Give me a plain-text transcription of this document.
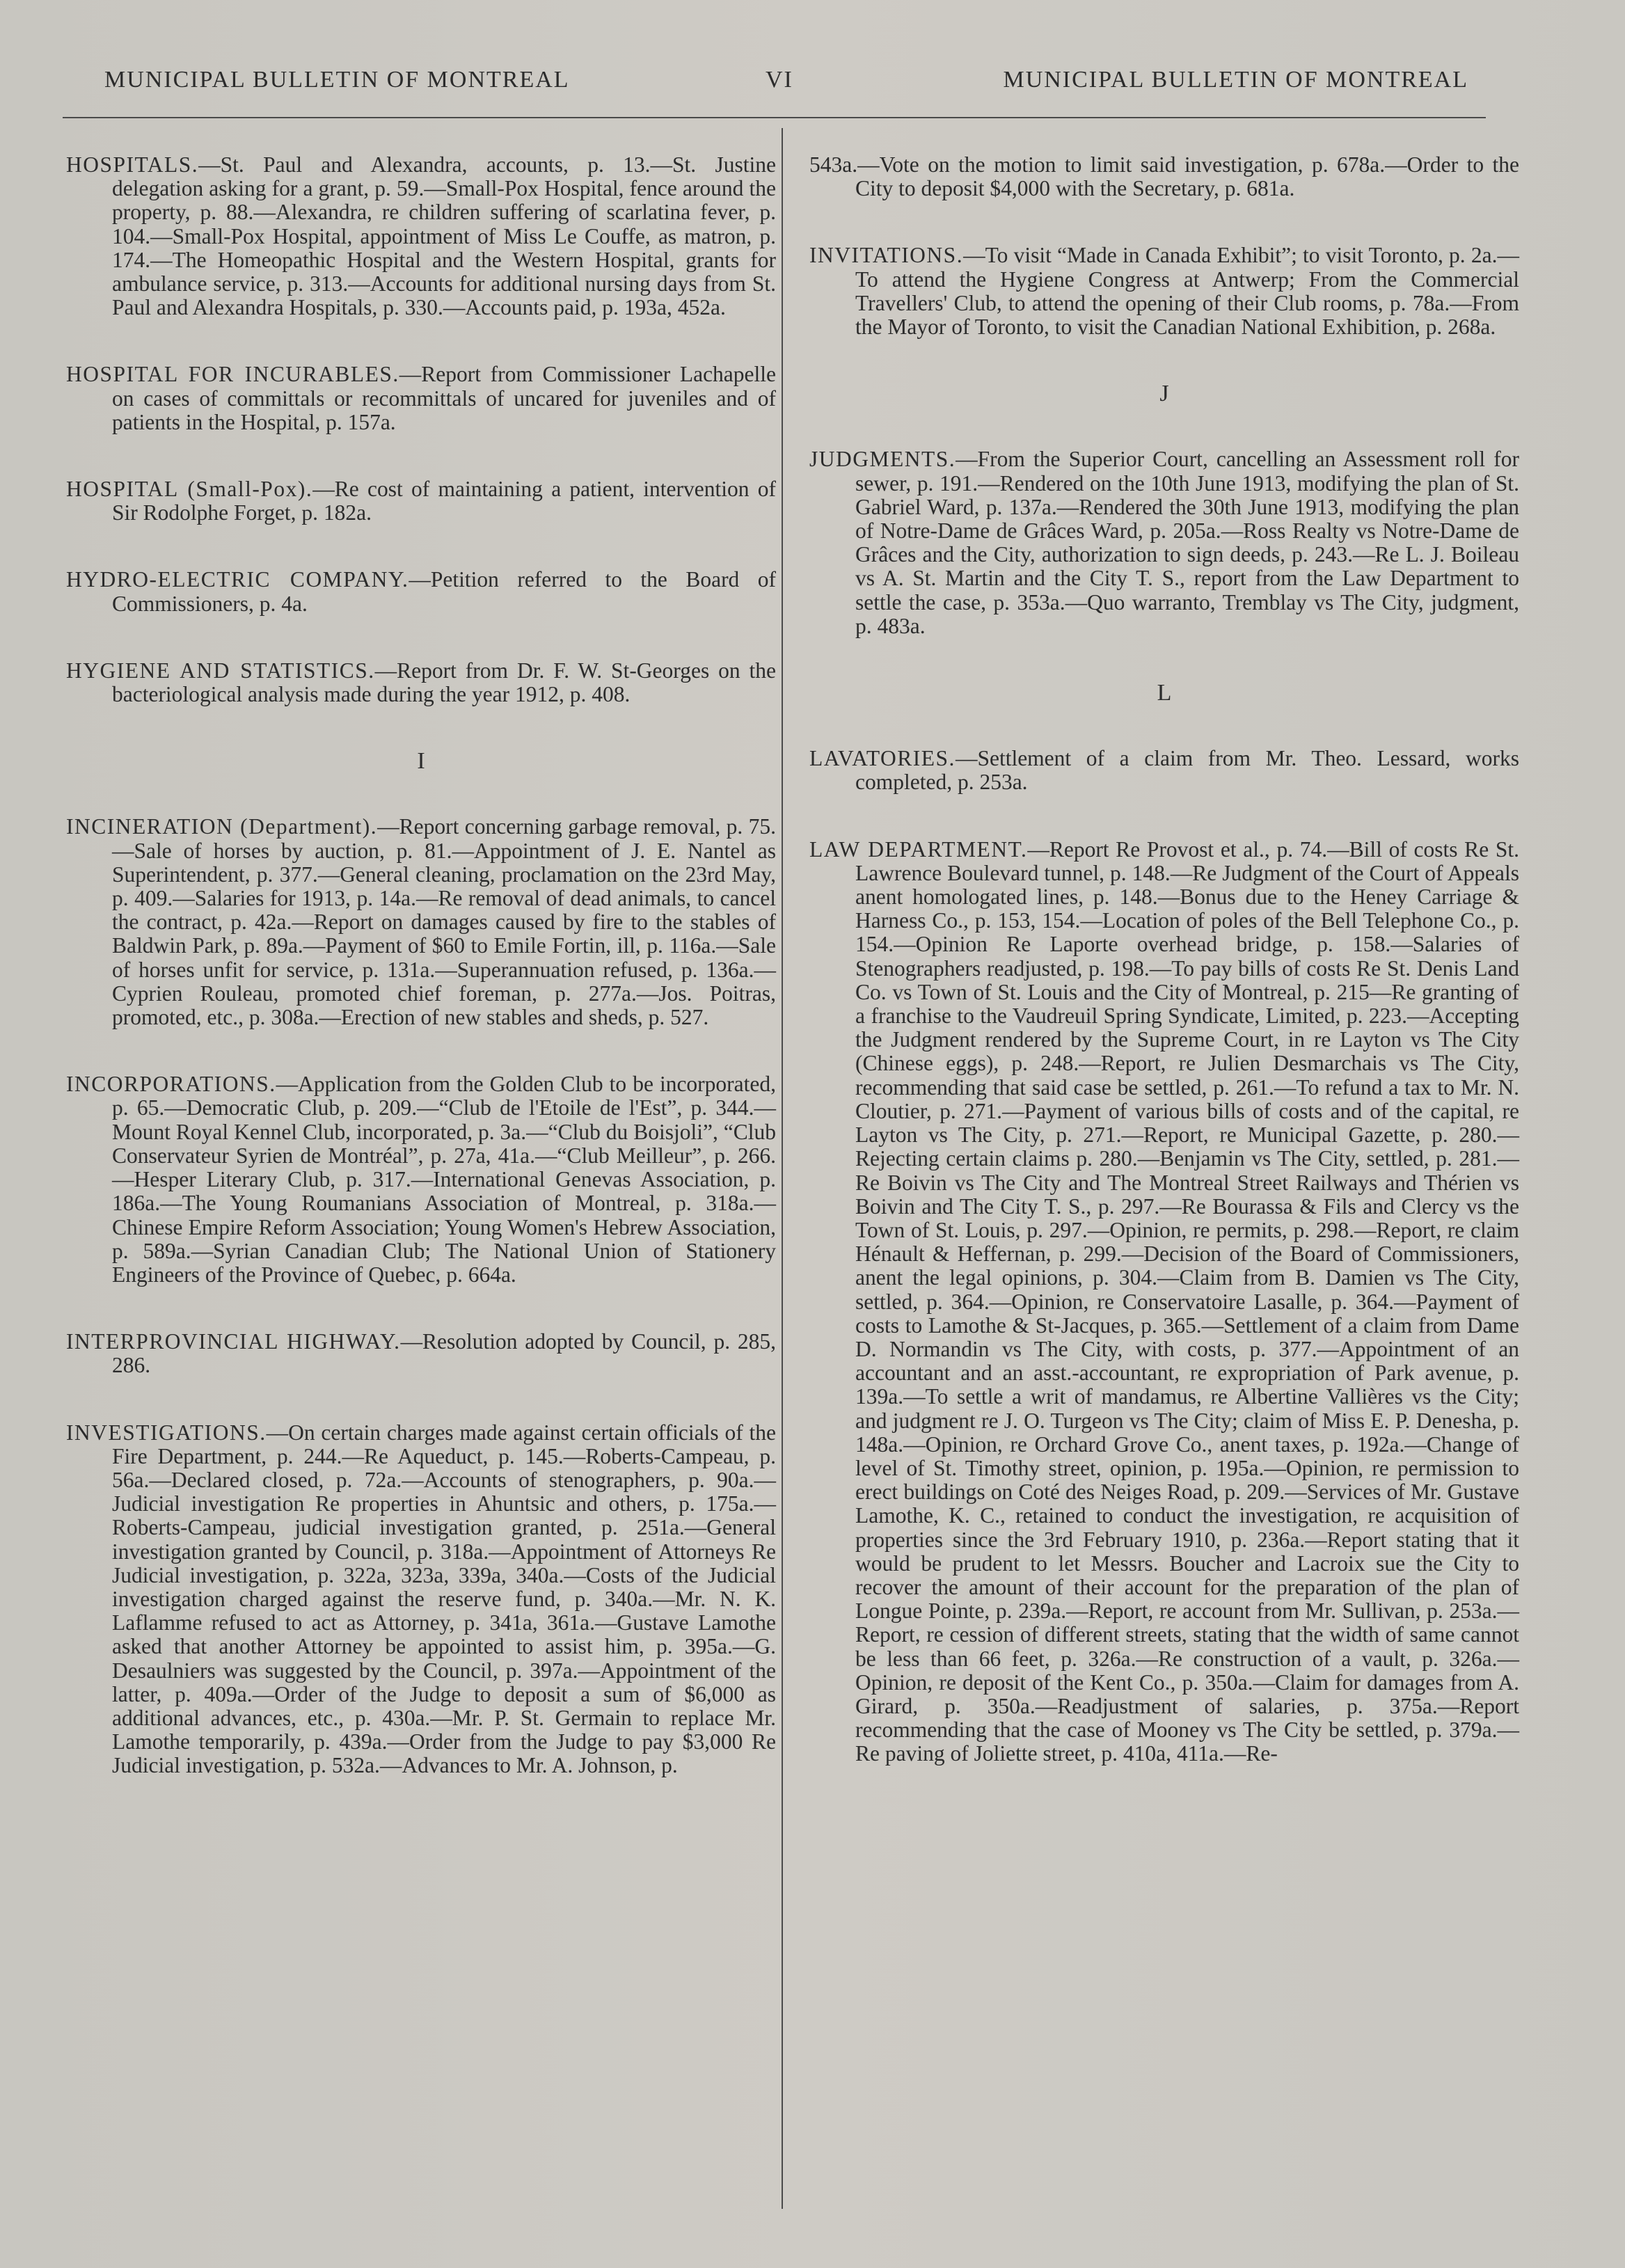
MUNICIPAL BULLETIN OF MONTREAL	VI	MUNICIPAL BULLETIN OF MONTREAL

HOSPITALS.—St. Paul and Alexandra, accounts, p. 13.—St. Justine delegation asking for a grant, p. 59.—Small-Pox Hospital, fence around the property, p. 88.—Alexandra, re children suffering of scarlatina fever, p. 104.—Small-Pox Hospital, appointment of Miss Le Couffe, as matron, p. 174.—The Homeopathic Hospital and the Western Hospital, grants for ambulance service, p. 313.—Accounts for additional nursing days from St. Paul and Alexandra Hospitals, p. 330.—Accounts paid, p. 193a, 452a.

HOSPITAL FOR INCURABLES.—Report from Commissioner Lachapelle on cases of committals or recommittals of uncared for juveniles and of patients in the Hospital, p. 157a.

HOSPITAL (Small-Pox).—Re cost of maintaining a patient, intervention of Sir Rodolphe Forget, p. 182a.

HYDRO-ELECTRIC COMPANY.—Petition referred to the Board of Commissioners, p. 4a.

HYGIENE AND STATISTICS.—Report from Dr. F. W. St-Georges on the bacteriological analysis made during the year 1912, p. 408.

I

INCINERATION (Department).—Report concerning garbage removal, p. 75.—Sale of horses by auction, p. 81.—Appointment of J. E. Nantel as Superintendent, p. 377.—General cleaning, proclamation on the 23rd May, p. 409.—Salaries for 1913, p. 14a.—Re removal of dead animals, to cancel the contract, p. 42a.—Report on damages caused by fire to the stables of Baldwin Park, p. 89a.—Payment of $60 to Emile Fortin, ill, p. 116a.—Sale of horses unfit for service, p. 131a.—Superannuation refused, p. 136a.—Cyprien Rouleau, promoted chief foreman, p. 277a.—Jos. Poitras, promoted, etc., p. 308a.—Erection of new stables and sheds, p. 527.

INCORPORATIONS.—Application from the Golden Club to be incorporated, p. 65.—Democratic Club, p. 209.—“Club de l'Etoile de l'Est”, p. 344.—Mount Royal Kennel Club, incorporated, p. 3a.—“Club du Boisjoli”, “Club Conservateur Syrien de Montréal”, p. 27a, 41a.—“Club Meilleur”, p. 266.—Hesper Literary Club, p. 317.—International Genevas Association, p. 186a.—The Young Roumanians Association of Montreal, p. 318a.—Chinese Empire Reform Association; Young Women's Hebrew Association, p. 589a.—Syrian Canadian Club; The National Union of Stationery Engineers of the Province of Quebec, p. 664a.

INTERPROVINCIAL HIGHWAY.—Resolution adopted by Council, p. 285, 286.

INVESTIGATIONS.—On certain charges made against certain officials of the Fire Department, p. 244.—Re Aqueduct, p. 145.—Roberts-Campeau, p. 56a.—Declared closed, p. 72a.—Accounts of stenographers, p. 90a.—Judicial investigation Re properties in Ahuntsic and others, p. 175a.—Roberts-Campeau, judicial investigation granted, p. 251a.—General investigation granted by Council, p. 318a.—Appointment of Attorneys Re Judicial investigation, p. 322a, 323a, 339a, 340a.—Costs of the Judicial investigation charged against the reserve fund, p. 340a.—Mr. N. K. Laflamme refused to act as Attorney, p. 341a, 361a.—Gustave Lamothe asked that another Attorney be appointed to assist him, p. 395a.—G. Desaulniers was suggested by the Council, p. 397a.—Appointment of the latter, p. 409a.—Order of the Judge to deposit a sum of $6,000 as additional advances, etc., p. 430a.—Mr. P. St. Germain to replace Mr. Lamothe temporarily, p. 439a.—Order from the Judge to pay $3,000 Re Judicial investigation, p. 532a.—Advances to Mr. A. Johnson, p.

543a.—Vote on the motion to limit said investigation, p. 678a.—Order to the City to deposit $4,000 with the Secretary, p. 681a.

INVITATIONS.—To visit “Made in Canada Exhibit”; to visit Toronto, p. 2a.—To attend the Hygiene Congress at Antwerp; From the Commercial Travellers' Club, to attend the opening of their Club rooms, p. 78a.—From the Mayor of Toronto, to visit the Canadian National Exhibition, p. 268a.

J

JUDGMENTS.—From the Superior Court, cancelling an Assessment roll for sewer, p. 191.—Rendered on the 10th June 1913, modifying the plan of St. Gabriel Ward, p. 137a.—Rendered the 30th June 1913, modifying the plan of Notre-Dame de Grâces Ward, p. 205a.—Ross Realty vs Notre-Dame de Grâces and the City, authorization to sign deeds, p. 243.—Re L. J. Boileau vs A. St. Martin and the City T. S., report from the Law Department to settle the case, p. 353a.—Quo warranto, Tremblay vs The City, judgment, p. 483a.

L

LAVATORIES.—Settlement of a claim from Mr. Theo. Lessard, works completed, p. 253a.

LAW DEPARTMENT.—Report Re Provost et al., p. 74.—Bill of costs Re St. Lawrence Boulevard tunnel, p. 148.—Re Judgment of the Court of Appeals anent homologated lines, p. 148.—Bonus due to the Heney Carriage & Harness Co., p. 153, 154.—Location of poles of the Bell Telephone Co., p. 154.—Opinion Re Laporte overhead bridge, p. 158.—Salaries of Stenographers readjusted, p. 198.—To pay bills of costs Re St. Denis Land Co. vs Town of St. Louis and the City of Montreal, p. 215—Re granting of a franchise to the Vaudreuil Spring Syndicate, Limited, p. 223.—Accepting the Judgment rendered by the Supreme Court, in re Layton vs The City (Chinese eggs), p. 248.—Report, re Julien Desmarchais vs The City, recommending that said case be settled, p. 261.—To refund a tax to Mr. N. Cloutier, p. 271.—Payment of various bills of costs and of the capital, re Layton vs The City, p. 271.—Report, re Municipal Gazette, p. 280.—Rejecting certain claims p. 280.—Benjamin vs The City, settled, p. 281.—Re Boivin vs The City and The Montreal Street Railways and Thérien vs Boivin and The City T. S., p. 297.—Re Bourassa & Fils and Clercy vs the Town of St. Louis, p. 297.—Opinion, re permits, p. 298.—Report, re claim Hénault & Heffernan, p. 299.—Decision of the Board of Commissioners, anent the legal opinions, p. 304.—Claim from B. Damien vs The City, settled, p. 364.—Opinion, re Conservatoire Lasalle, p. 364.—Payment of costs to Lamothe & St-Jacques, p. 365.—Settlement of a claim from Dame D. Normandin vs The City, with costs, p. 377.—Appointment of an accountant and an asst.-accountant, re expropriation of Park avenue, p. 139a.—To settle a writ of mandamus, re Albertine Vallières vs the City; and judgment re J. O. Turgeon vs The City; claim of Miss E. P. Denesha, p. 148a.—Opinion, re Orchard Grove Co., anent taxes, p. 192a.—Change of level of St. Timothy street, opinion, p. 195a.—Opinion, re permission to erect buildings on Coté des Neiges Road, p. 209.—Services of Mr. Gustave Lamothe, K. C., retained to conduct the investigation, re acquisition of properties since the 3rd February 1910, p. 236a.—Report stating that it would be prudent to let Messrs. Boucher and Lacroix sue the City to recover the amount of their account for the preparation of the plan of Longue Pointe, p. 239a.—Report, re account from Mr. Sullivan, p. 253a.—Report, re cession of different streets, stating that the width of same cannot be less than 66 feet, p. 326a.—Re construction of a vault, p. 326a.—Opinion, re deposit of the Kent Co., p. 350a.—Claim for damages from A. Girard, p. 350a.—Readjustment of salaries, p. 375a.—Report recommending that the case of Mooney vs The City be settled, p. 379a.—Re paving of Joliette street, p. 410a, 411a.—Re-
